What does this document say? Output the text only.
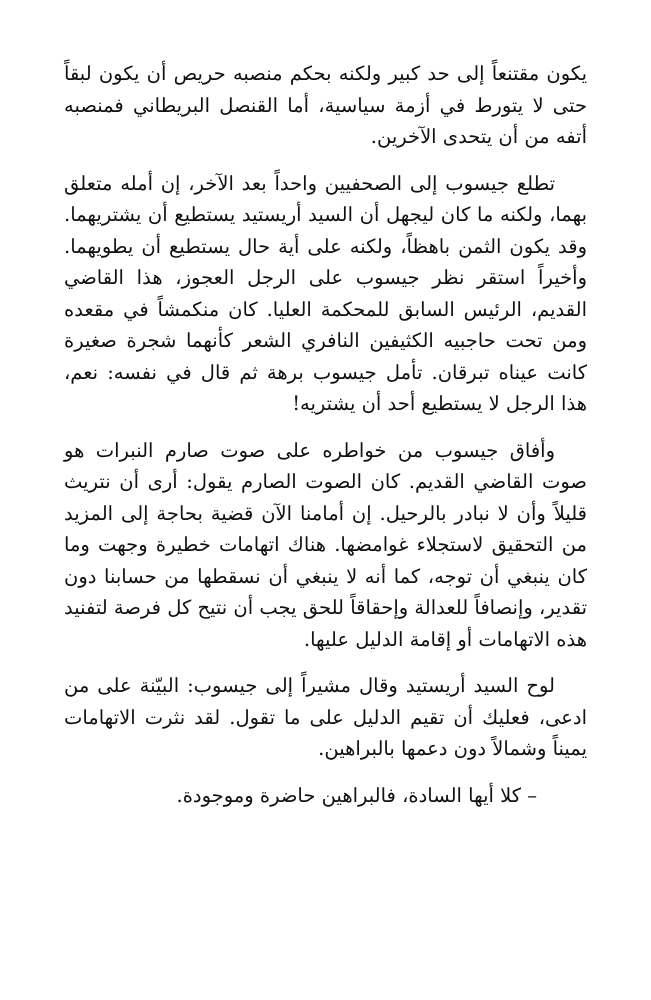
يكون مقتنعاً إلى حد كبير ولكنه بحكم منصبه حريص أن يكون لبقاً حتى لا يتورط في أزمة سياسية، أما القنصل البريطاني فمنصبه أتفه من أن يتحدى الآخرين.

تطلع جيسوب إلى الصحفيين واحداً بعد الآخر، إن أمله متعلق بهما، ولكنه ما كان ليجهل أن السيد أريستيد يستطيع أن يشتريهما. وقد يكون الثمن باهظاً، ولكنه على أية حال يستطيع أن يطويهما. وأخيراً استقر نظر جيسوب على الرجل العجوز، هذا القاضي القديم، الرئيس السابق للمحكمة العليا. كان منكمشاً في مقعده ومن تحت حاجبيه الكثيفين النافري الشعر كأنهما شجرة صغيرة كانت عيناه تبرقان. تأمل جيسوب برهة ثم قال في نفسه: نعم، هذا الرجل لا يستطيع أحد أن يشتريه!

وأفاق جيسوب من خواطره على صوت صارم النبرات هو صوت القاضي القديم. كان الصوت الصارم يقول: أرى أن نتريث قليلاً وأن لا نبادر بالرحيل. إن أمامنا الآن قضية بحاجة إلى المزيد من التحقيق لاستجلاء غوامضها. هناك اتهامات خطيرة وجهت وما كان ينبغي أن توجه، كما أنه لا ينبغي أن نسقطها من حسابنا دون تقدير، وإنصافاً للعدالة وإحقاقاً للحق يجب أن نتيح كل فرصة لتفنيد هذه الاتهامات أو إقامة الدليل عليها.

لوح السيد أريستيد وقال مشيراً إلى جيسوب: البيّنة على من ادعى، فعليك أن تقيم الدليل على ما تقول. لقد نثرت الاتهامات يميناً وشمالاً دون دعمها بالبراهين.

– كلا أيها السادة، فالبراهين حاضرة وموجودة.
